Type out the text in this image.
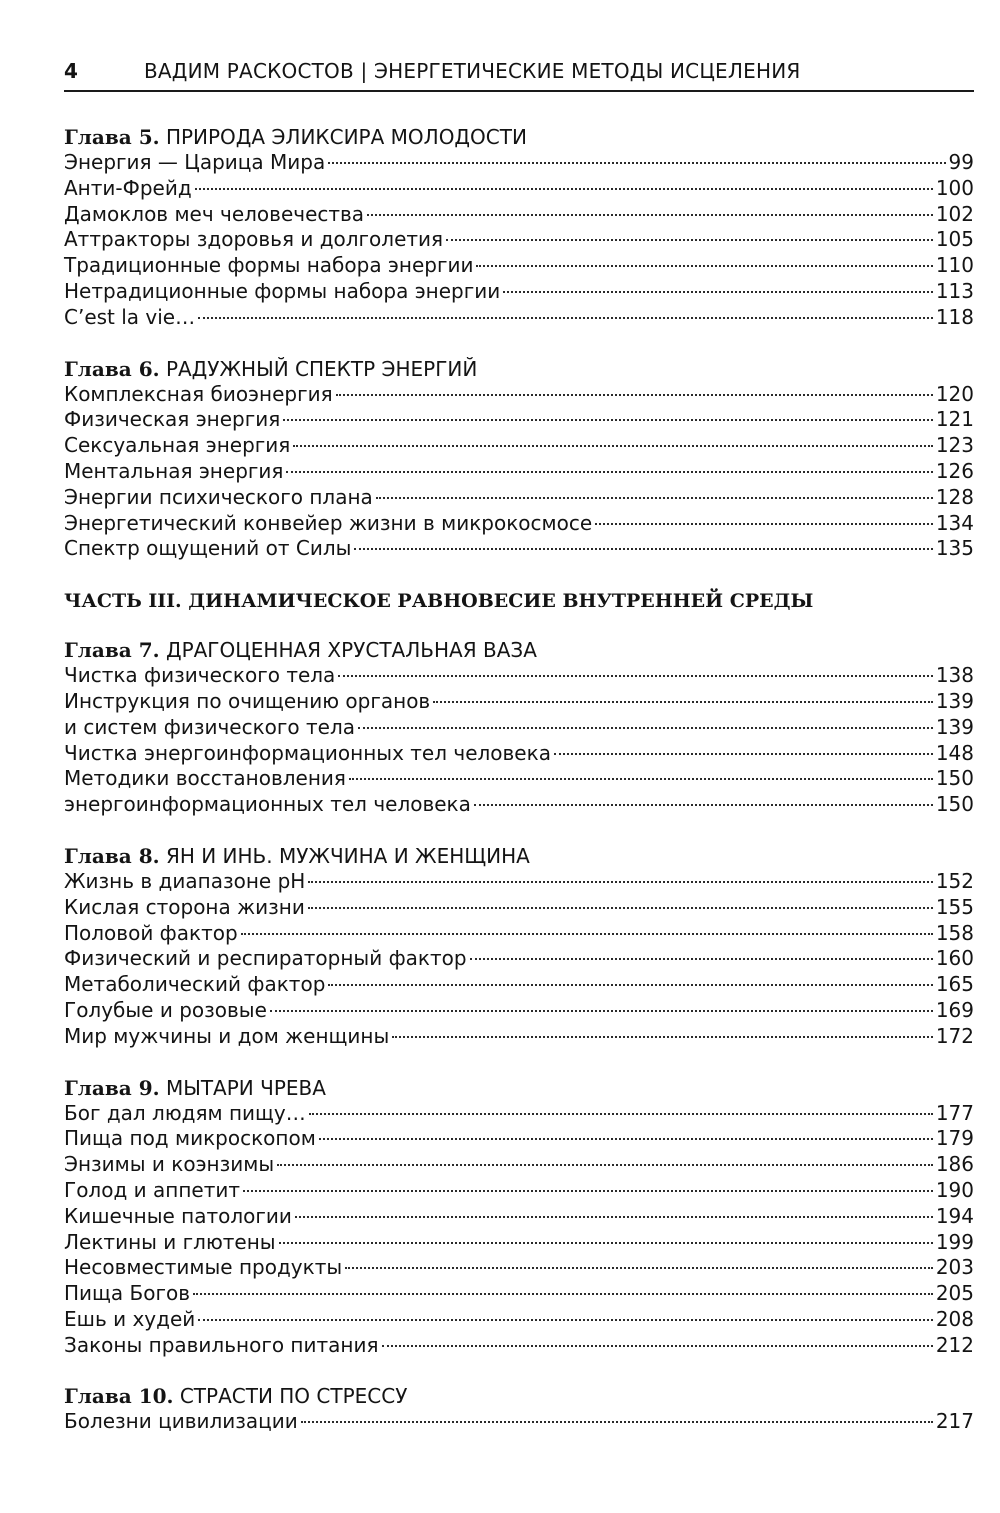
4	ВАДИМ РАСКОСТОВ | ЭНЕРГЕТИЧЕСКИЕ МЕТОДЫ ИСЦЕЛЕНИЯ
Глава 5. ПРИРОДА ЭЛИКСИРА МОЛОДОСТИ
Энергия — Царица Мира	99
Анти-Фрейд	100
Дамоклов меч человечества	102
Аттракторы здоровья и долголетия	105
Традиционные формы набора энергии	110
Нетрадиционные формы набора энергии	113
C’est la vie…	118
Глава 6. РАДУЖНЫЙ СПЕКТР ЭНЕРГИЙ
Комплексная биоэнергия	120
Физическая энергия	121
Сексуальная энергия	123
Ментальная энергия	126
Энергии психического плана	128
Энергетический конвейер жизни в микрокосмосе	134
Спектр ощущений от Силы	135
ЧАСТЬ III. ДИНАМИЧЕСКОЕ РАВНОВЕСИЕ ВНУТРЕННЕЙ СРЕДЫ
Глава 7. ДРАГОЦЕННАЯ ХРУСТАЛЬНАЯ ВАЗА
Чистка физического тела	138
Инструкция по очищению органов	139
и систем физического тела	139
Чистка энергоинформационных тел человека	148
Методики восстановления	150
энергоинформационных тел человека	150
Глава 8. ЯН И ИНЬ. МУЖЧИНА И ЖЕНЩИНА
Жизнь в диапазоне pH	152
Кислая сторона жизни	155
Половой фактор	158
Физический и респираторный фактор	160
Метаболический фактор	165
Голубые и розовые	169
Мир мужчины и дом женщины	172
Глава 9. МЫТАРИ ЧРЕВА
Бог дал людям пищу…	177
Пища под микроскопом	179
Энзимы и коэнзимы	186
Голод и аппетит	190
Кишечные патологии	194
Лектины и глютены	199
Несовместимые продукты	203
Пища Богов	205
Ешь и худей	208
Законы правильного питания	212
Глава 10. СТРАСТИ ПО СТРЕССУ
Болезни цивилизации	217
